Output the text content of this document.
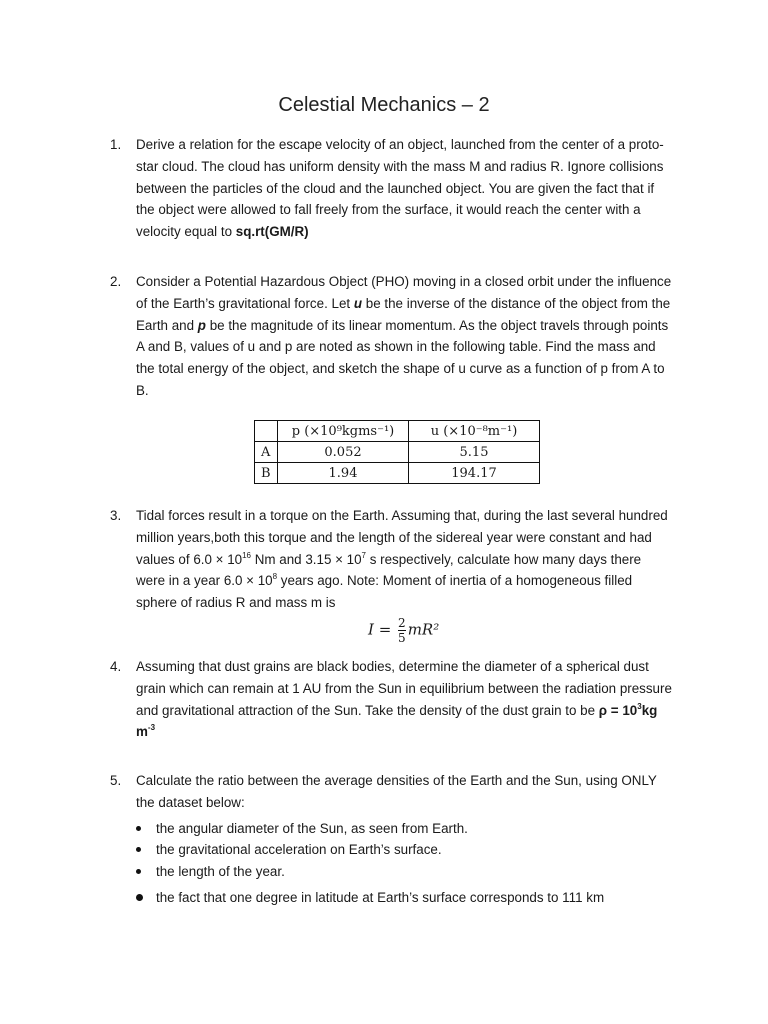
Celestial Mechanics – 2
1.	Derive a relation for the escape velocity of an object, launched from the center of a proto-star cloud. The cloud has uniform density with the mass M and radius R. Ignore collisions between the particles of the cloud and the launched object. You are given the fact that if the object were allowed to fall freely from the surface, it would reach the center with a velocity equal to sq.rt(GM/R)
2.	Consider a Potential Hazardous Object (PHO) moving in a closed orbit under the influence of the Earth’s gravitational force. Let u be the inverse of the distance of the object from the Earth and p be the magnitude of its linear momentum. As the object travels through points A and B, values of u and p are noted as shown in the following table. Find the mass and the total energy of the object, and sketch the shape of u curve as a function of p from A to B.
	p (×10⁹kgms⁻¹)	u (×10⁻⁸m⁻¹)
A	0.052	5.15
B	1.94	194.17
3.	Tidal forces result in a torque on the Earth. Assuming that, during the last several hundred million years,both this torque and the length of the sidereal year were constant and had values of $6.0 \times 10^{16}$ Nm and $3.15 \times 10^7$ s respectively, calculate how many days there were in a year $6.0 \times 10^8$ years ago. Note: Moment of inertia of a homogeneous filled sphere of radius R and mass m is
$I = \frac{2}{5} mR^2$
4.	Assuming that dust grains are black bodies, determine the diameter of a spherical dust grain which can remain at 1 AU from the Sun in equilibrium between the radiation pressure and gravitational attraction of the Sun. Take the density of the dust grain to be $\rho = 10^3kg$ $m^{-3}$
5.	Calculate the ratio between the average densities of the Earth and the Sun, using ONLY the dataset below:
the angular diameter of the Sun, as seen from Earth.
the gravitational acceleration on Earth’s surface.
the length of the year.
the fact that one degree in latitude at Earth’s surface corresponds to 111 km
